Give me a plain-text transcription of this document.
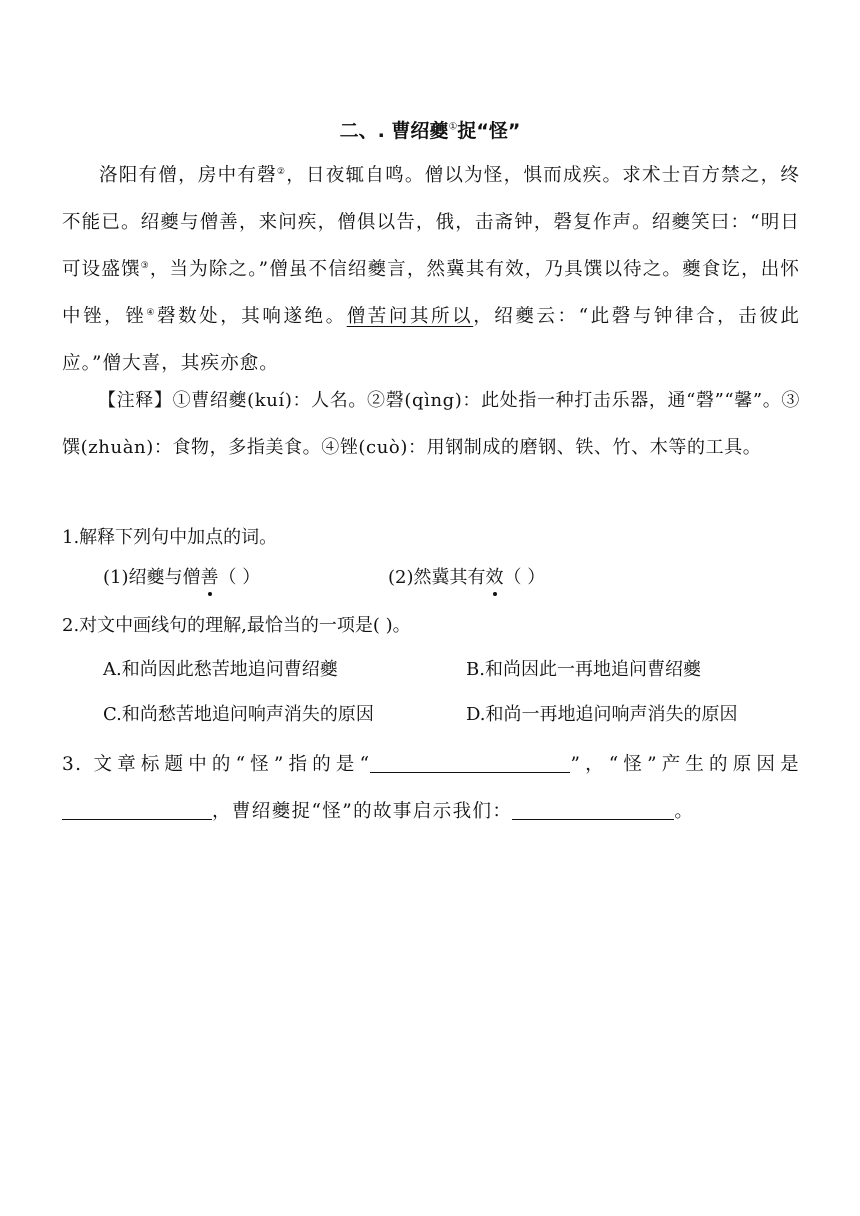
二、. 曹绍夔①捉“怪”
洛阳有僧，房中有磬②，日夜辄自鸣。僧以为怪，惧而成疾。求术士百方禁之，终不能已。绍夔与僧善，来问疾，僧俱以告，俄，击斋钟，磬复作声。绍夔笑曰：“明日可设盛馔③，当为除之。”僧虽不信绍夔言，然冀其有效，乃具馔以待之。夔食讫，出怀中锉，锉④磬数处，其响遂绝。僧苦问其所以，绍夔云：“此磬与钟律合，击彼此应。”僧大喜，其疾亦愈。
【注释】①曹绍夔(kuí)：人名。②磬(qìng)：此处指一种打击乐器，通“磬”“馨”。③馔(zhuàn)：食物，多指美食。④锉(cuò)：用钢制成的磨钢、铁、竹、木等的工具。
1.解释下列句中加点的词。
(1)绍夔与僧善（ ）	(2)然冀其有效（ ）
2.对文中画线句的理解,最恰当的一项是( )。
A.和尚因此愁苦地追问曹绍夔	B.和尚因此一再地追问曹绍夔
C.和尚愁苦地追问响声消失的原因	D.和尚一再地追问响声消失的原因
3. 文章标题中的“怪”指的是“	”，“怪”产生的原因是，曹绍夔捉“怪”的故事启示我们：	。
